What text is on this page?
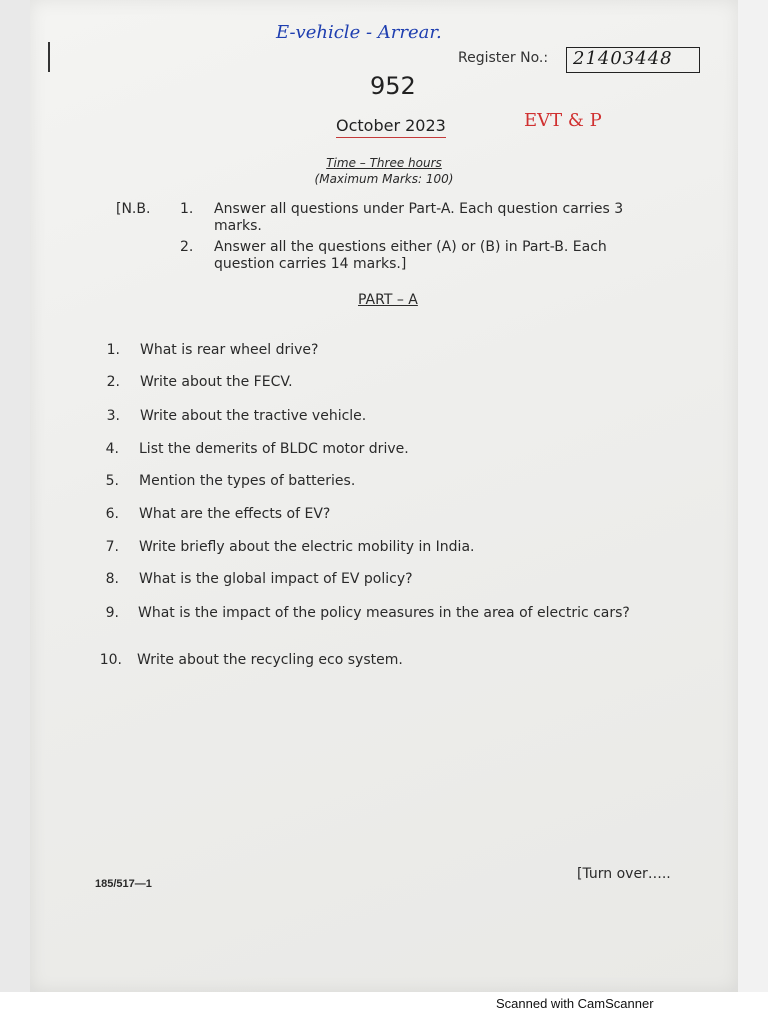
E-vehicle - Arrear.
Register No.: 21403448
952
October 2023	EVT & P
Time – Three hours
(Maximum Marks: 100)
[N.B. 1. Answer all questions under Part-A. Each question carries 3 marks.
2. Answer all the questions either (A) or (B) in Part-B. Each question carries 14 marks.]
PART – A
1. What is rear wheel drive?
2. Write about the FECV.
3. Write about the tractive vehicle.
4. List the demerits of BLDC motor drive.
5. Mention the types of batteries.
6. What are the effects of EV?
7. Write briefly about the electric mobility in India.
8. What is the global impact of EV policy?
9. What is the impact of the policy measures in the area of electric cars?
10. Write about the recycling eco system.
185/517—1
[Turn over…..
Scanned with CamScanner
